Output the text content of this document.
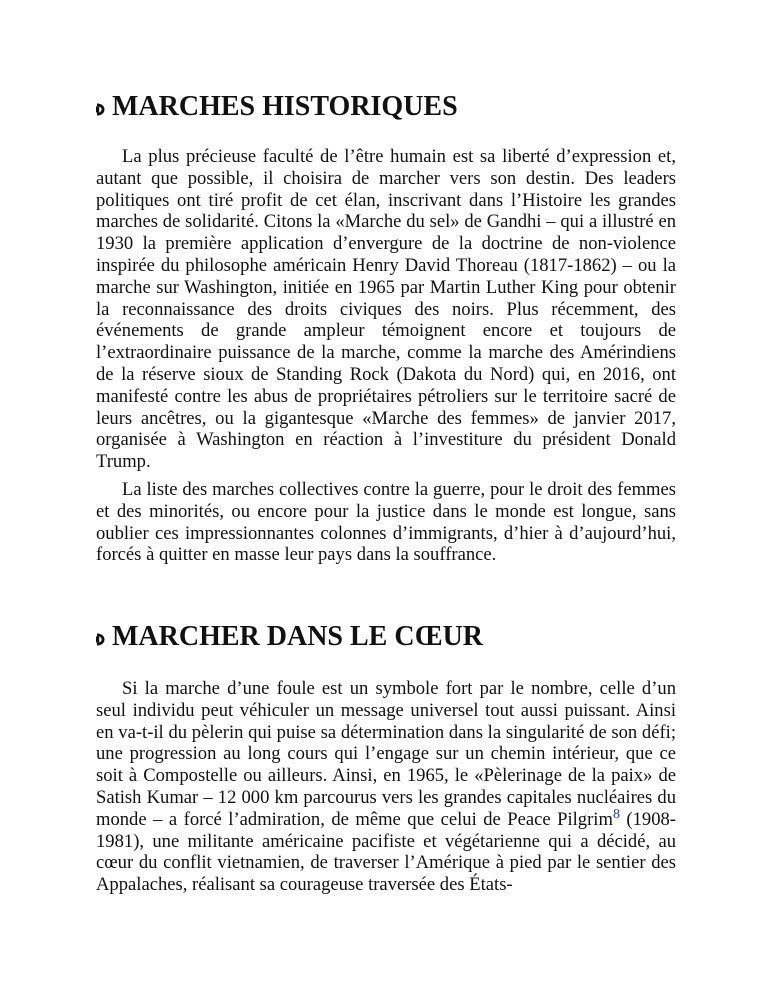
MARCHES HISTORIQUES

La plus précieuse faculté de l’être humain est sa liberté d’expression et, autant que possible, il choisira de marcher vers son destin. Des leaders politiques ont tiré profit de cet élan, inscrivant dans l’Histoire les grandes marches de solidarité. Citons la «Marche du sel» de Gandhi – qui a illustré en 1930 la première application d’envergure de la doctrine de non-violence inspirée du philosophe américain Henry David Thoreau (1817-1862) – ou la marche sur Washington, initiée en 1965 par Martin Luther King pour obtenir la reconnaissance des droits civiques des noirs. Plus récemment, des événements de grande ampleur témoignent encore et toujours de l’extraordinaire puissance de la marche, comme la marche des Amérindiens de la réserve sioux de Standing Rock (Dakota du Nord) qui, en 2016, ont manifesté contre les abus de propriétaires pétroliers sur le territoire sacré de leurs ancêtres, ou la gigantesque «Marche des femmes» de janvier 2017, organisée à Washington en réaction à l’investiture du président Donald Trump.

La liste des marches collectives contre la guerre, pour le droit des femmes et des minorités, ou encore pour la justice dans le monde est longue, sans oublier ces impressionnantes colonnes d’immigrants, d’hier à d’aujourd’hui, forcés à quitter en masse leur pays dans la souffrance.

MARCHER DANS LE CŒUR

Si la marche d’une foule est un symbole fort par le nombre, celle d’un seul individu peut véhiculer un message universel tout aussi puissant. Ainsi en va-t-il du pèlerin qui puise sa détermination dans la singularité de son défi; une progression au long cours qui l’engage sur un chemin intérieur, que ce soit à Compostelle ou ailleurs. Ainsi, en 1965, le «Pèlerinage de la paix» de Satish Kumar – 12 000 km parcourus vers les grandes capitales nucléaires du monde – a forcé l’admiration, de même que celui de Peace Pilgrim$^8$ (1908-1981), une militante américaine pacifiste et végétarienne qui a décidé, au cœur du conflit vietnamien, de traverser l’Amérique à pied par le sentier des Appalaches, réalisant sa courageuse traversée des États-
